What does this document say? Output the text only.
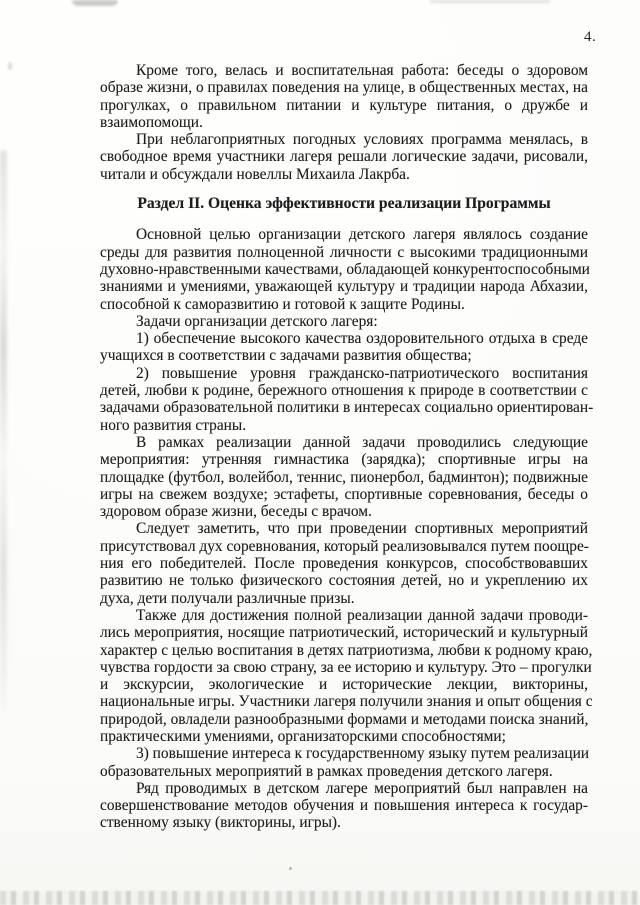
4.
Кроме того, велась и воспитательная работа: беседы о здоровом
образе жизни, о правилах поведения на улице, в общественных местах, на
прогулках, о правильном питании и культуре питания, о дружбе и
взаимопомощи.
При неблагоприятных погодных условиях программа менялась, в
свободное время участники лагеря решали логические задачи, рисовали,
читали и обсуждали новеллы Михаила Лакрба.
Раздел II. Оценка эффективности реализации Программы
Основной целью организации детского лагеря являлось создание
среды для развития полноценной личности с высокими традиционными
духовно-нравственными качествами, обладающей конкурентоспособными
знаниями и умениями, уважающей культуру и традиции народа Абхазии,
способной к саморазвитию и готовой к защите Родины.
Задачи организации детского лагеря:
1) обеспечение высокого качества оздоровительного отдыха в среде
учащихся в соответствии с задачами развития общества;
2) повышение уровня гражданско-патриотического воспитания
детей, любви к родине, бережного отношения к природе в соответствии с
задачами образовательной политики в интересах социально ориентирован-
ного развития страны.
В рамках реализации данной задачи проводились следующие
мероприятия: утренняя гимнастика (зарядка); спортивные игры на
площадке (футбол, волейбол, теннис, пионербол, бадминтон); подвижные
игры на свежем воздухе; эстафеты, спортивные соревнования, беседы о
здоровом образе жизни, беседы с врачом.
Следует заметить, что при проведении спортивных мероприятий
присутствовал дух соревнования, который реализовывался путем поощре-
ния его победителей. После проведения конкурсов, способствовавших
развитию не только физического состояния детей, но и укреплению их
духа, дети получали различные призы.
Также для достижения полной реализации данной задачи проводи-
лись мероприятия, носящие патриотический, исторический и культурный
характер с целью воспитания в детях патриотизма, любви к родному краю,
чувства гордости за свою страну, за ее историю и культуру. Это – прогулки
и экскурсии, экологические и исторические лекции, викторины,
национальные игры. Участники лагеря получили знания и опыт общения с
природой, овладели разнообразными формами и методами поиска знаний,
практическими умениями, организаторскими способностями;
3) повышение интереса к государственному языку путем реализации
образовательных мероприятий в рамках проведения детского лагеря.
Ряд проводимых в детском лагере мероприятий был направлен на
совершенствование методов обучения и повышения интереса к государ-
ственному языку (викторины, игры).
